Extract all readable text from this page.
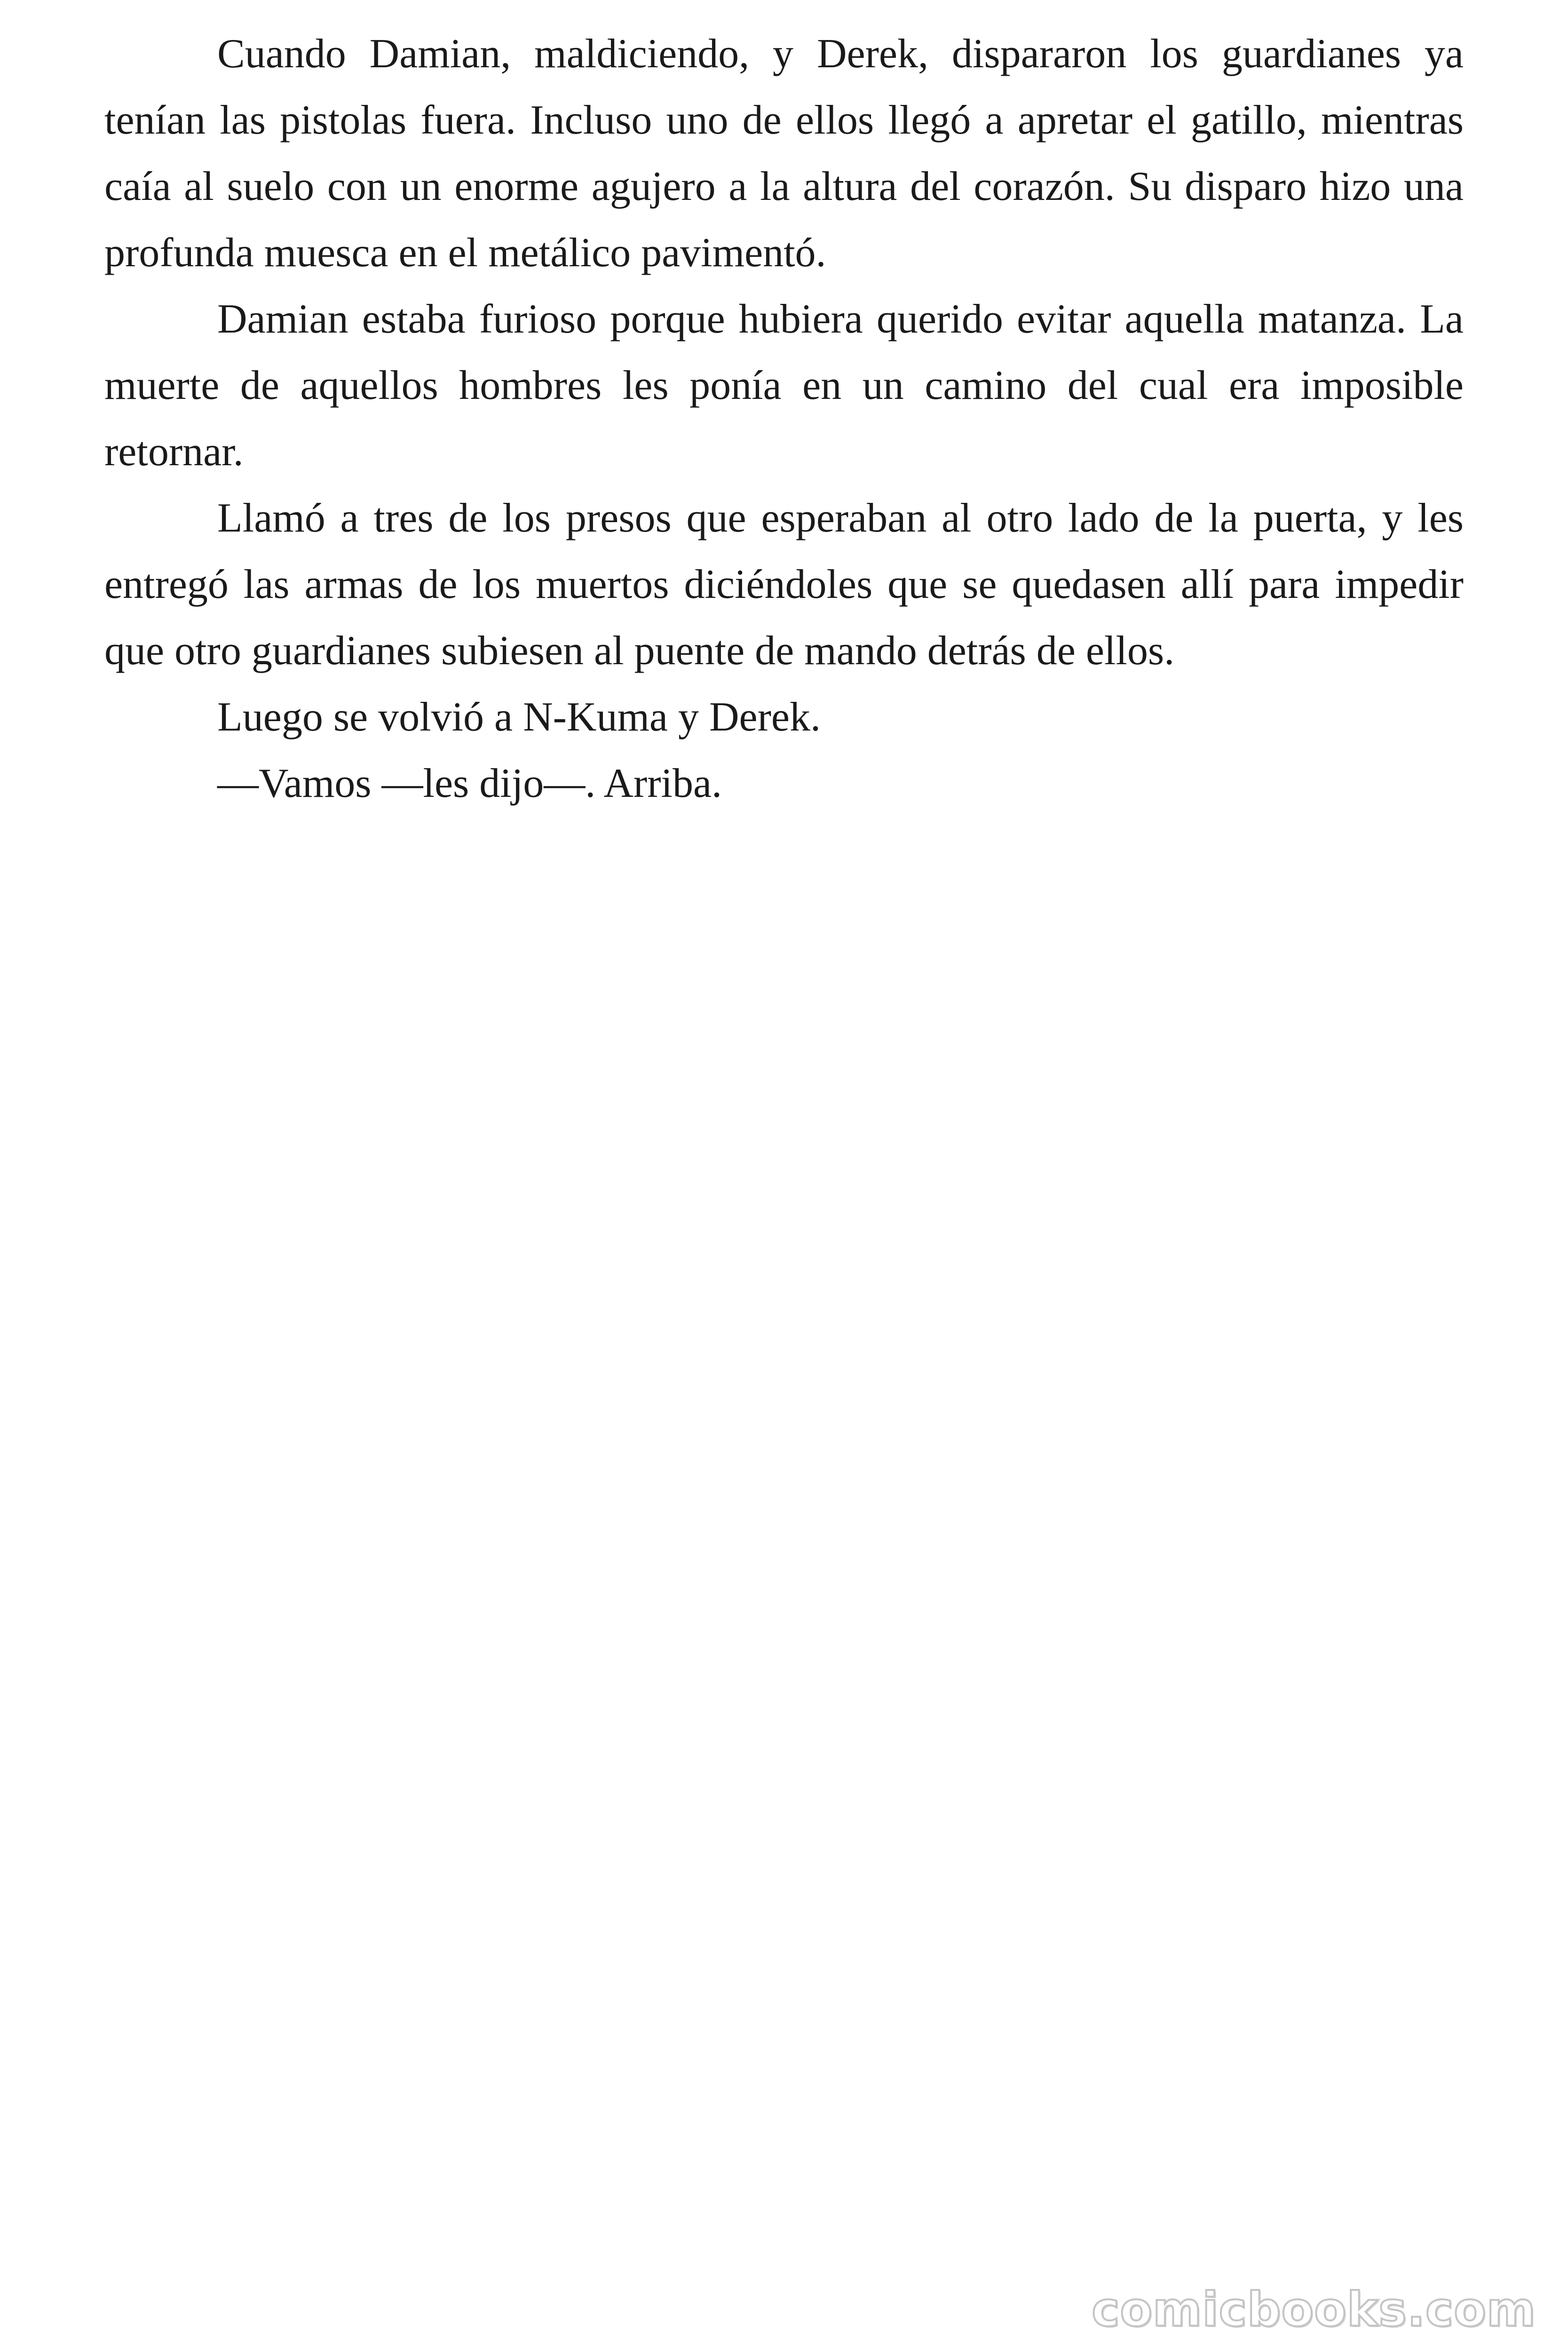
Cuando Damian, maldiciendo, y Derek, dispararon los guardianes ya tenían las pistolas fuera. Incluso uno de ellos llegó a apretar el gatillo, mientras caía al suelo con un enorme agujero a la altura del corazón. Su disparo hizo una profunda muesca en el metálico pavimentó.

Damian estaba furioso porque hubiera querido evitar aquella matanza. La muerte de aquellos hombres les ponía en un camino del cual era imposible retornar.

Llamó a tres de los presos que esperaban al otro lado de la puerta, y les entregó las armas de los muertos diciéndoles que se quedasen allí para impedir que otro guardianes subiesen al puente de mando detrás de ellos.

Luego se volvió a N-Kuma y Derek.

—Vamos —les dijo—. Arriba.

comicbooks.com
